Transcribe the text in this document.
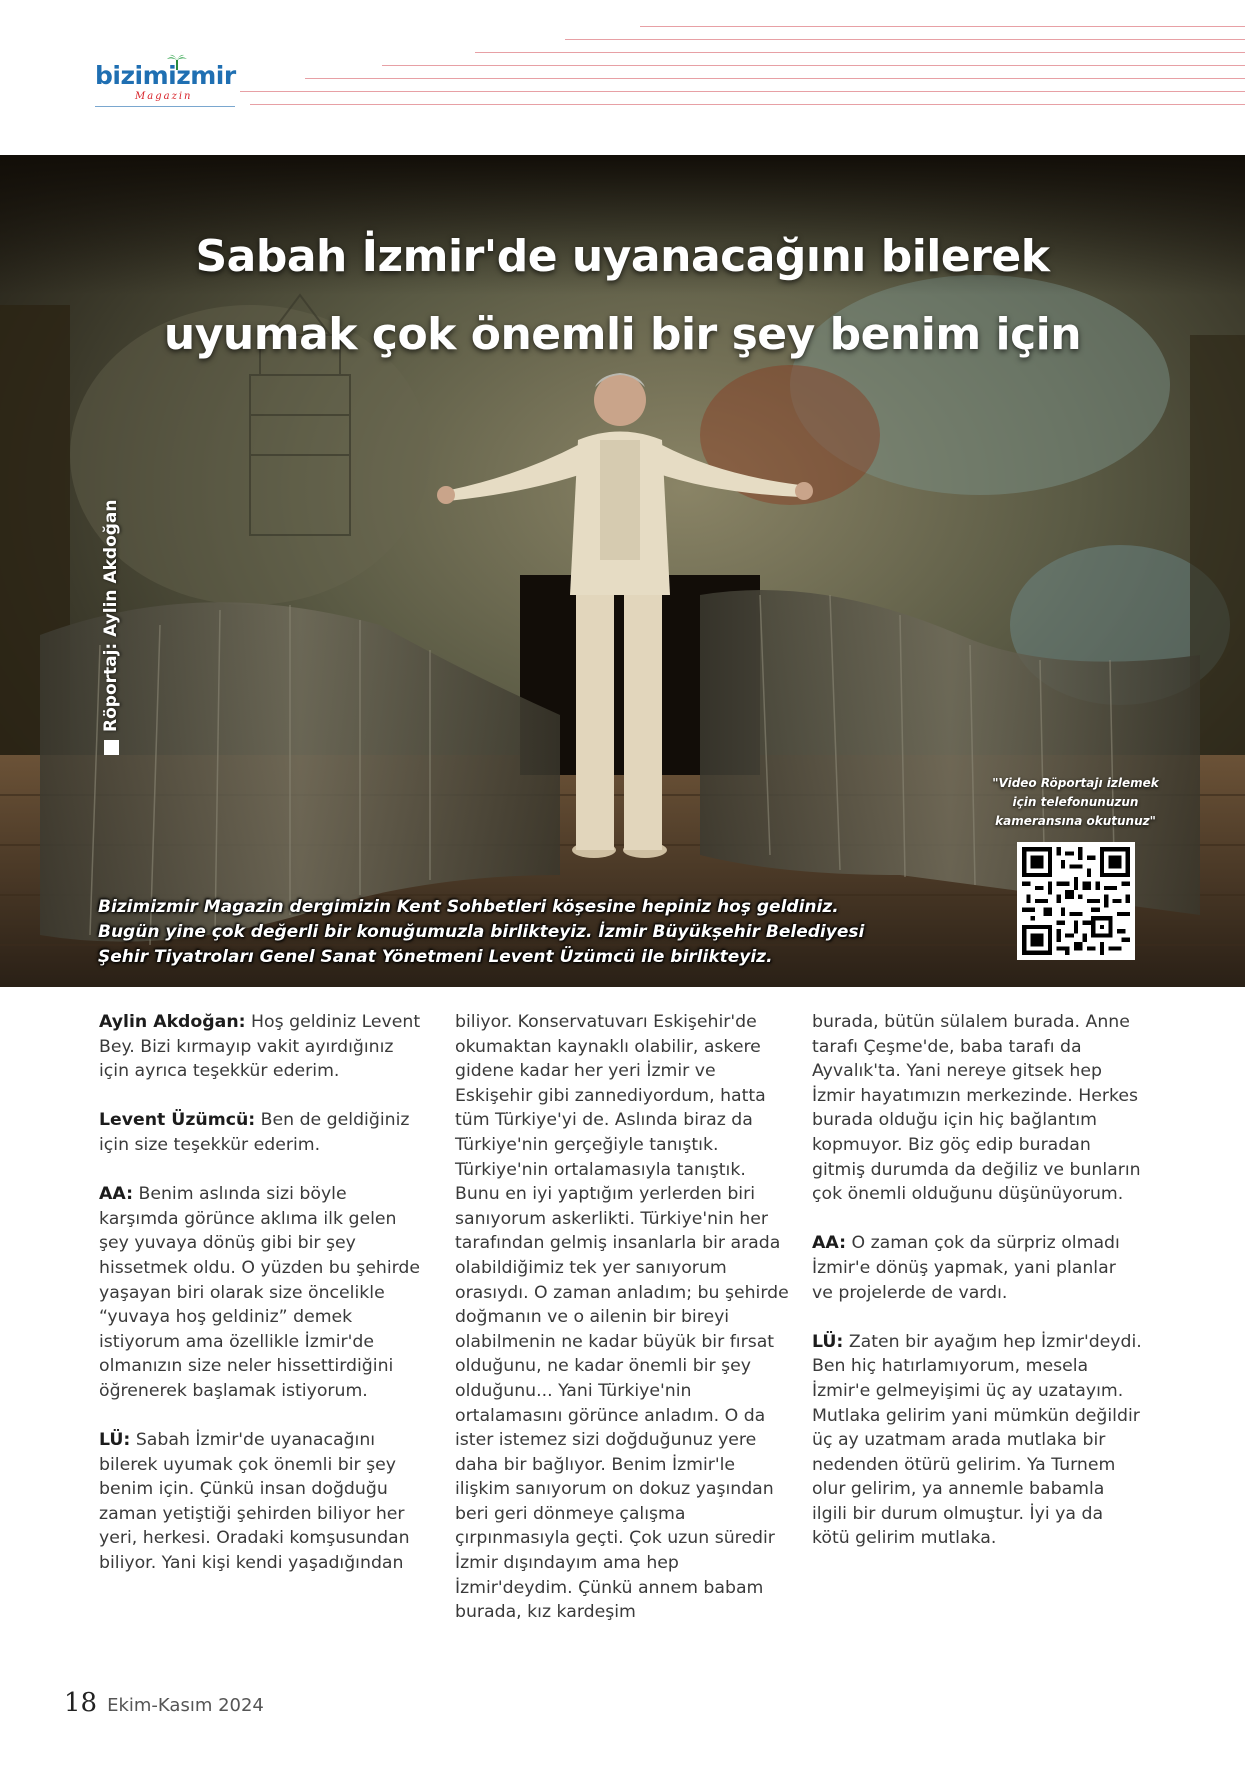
bizimizmir
Magazin
Sabah İzmir'de uyanacağını bilerek
uyumak çok önemli bir şey benim için
Röportaj: Aylin Akdoğan
"Video Röportajı izlemek
için telefonunuzun
kameransına okutunuz"
Bizimizmir Magazin dergimizin Kent Sohbetleri köşesine hepiniz hoş geldiniz.
Bugün yine çok değerli bir konuğumuzla birlikteyiz. İzmir Büyükşehir Belediyesi
Şehir Tiyatroları Genel Sanat Yönetmeni Levent Üzümcü ile birlikteyiz.

Aylin Akdoğan: Hoş geldiniz Levent Bey. Bizi kırmayıp vakit ayırdığınız için ayrıca teşekkür ederim.

Levent Üzümcü: Ben de geldiğiniz için size teşekkür ederim.

AA: Benim aslında sizi böyle karşımda görünce aklıma ilk gelen şey yuvaya dönüş gibi bir şey hissetmek oldu. O yüzden bu şehirde yaşayan biri olarak size öncelikle “yuvaya hoş geldiniz” demek istiyorum ama özellikle İzmir'de olmanızın size neler hissettirdiğini öğrenerek başlamak istiyorum.

LÜ: Sabah İzmir'de uyanacağını bilerek uyumak çok önemli bir şey benim için. Çünkü insan doğduğu zaman yetiştiği şehirden biliyor her yeri, herkesi. Oradaki komşusundan biliyor. Yani kişi kendi yaşadığından

biliyor. Konservatuvarı Eskişehir'de okumaktan kaynaklı olabilir, askere gidene kadar her yeri İzmir ve Eskişehir gibi zannediyordum, hatta tüm Türkiye'yi de. Aslında biraz da Türkiye'nin gerçeğiyle tanıştık. Türkiye'nin ortalamasıyla tanıştık. Bunu en iyi yaptığım yerlerden biri sanıyorum askerlikti. Türkiye'nin her tarafından gelmiş insanlarla bir arada olabildiğimiz tek yer sanıyorum orasıydı. O zaman anladım; bu şehirde doğmanın ve o ailenin bir bireyi olabilmenin ne kadar büyük bir fırsat olduğunu, ne kadar önemli bir şey olduğunu... Yani Türkiye'nin ortalamasını görünce anladım. O da ister istemez sizi doğduğunuz yere daha bir bağlıyor. Benim İzmir'le ilişkim sanıyorum on dokuz yaşından beri geri dönmeye çalışma çırpınmasıyla geçti. Çok uzun süredir İzmir dışındayım ama hep İzmir'deydim. Çünkü annem babam burada, kız kardeşim

burada, bütün sülalem burada. Anne tarafı Çeşme'de, baba tarafı da Ayvalık'ta. Yani nereye gitsek hep İzmir hayatımızın merkezinde. Herkes burada olduğu için hiç bağlantım kopmuyor. Biz göç edip buradan gitmiş durumda da değiliz ve bunların çok önemli olduğunu düşünüyorum.

AA: O zaman çok da sürpriz olmadı İzmir'e dönüş yapmak, yani planlar ve projelerde de vardı.

LÜ: Zaten bir ayağım hep İzmir'deydi. Ben hiç hatırlamıyorum, mesela İzmir'e gelmeyişimi üç ay uzatayım. Mutlaka gelirim yani mümkün değildir üç ay uzatmam arada mutlaka bir nedenden ötürü gelirim. Ya Turnem olur gelirim, ya annemle babamla ilgili bir durum olmuştur. İyi ya da kötü gelirim mutlaka.

18 Ekim-Kasım 2024
